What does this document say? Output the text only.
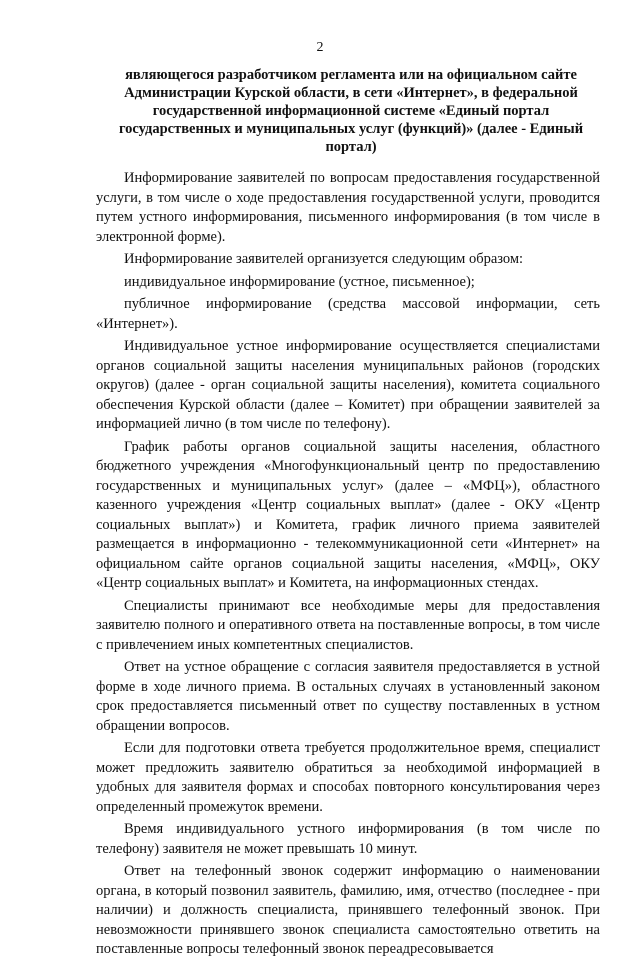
2
являющегося разработчиком регламента или на официальном сайте
Администрации Курской области, в сети «Интернет», в федеральной
государственной информационной системе «Единый портал
государственных и муниципальных услуг (функций)» (далее - Единый
портал)

Информирование заявителей по вопросам предоставления государственной услуги, в том числе о ходе предоставления государственной услуги, проводится путем устного информирования, письменного информирования (в том числе в электронной форме).

Информирование заявителей организуется следующим образом:

индивидуальное информирование (устное, письменное);

публичное информирование (средства массовой информации, сеть «Интернет»).

Индивидуальное устное информирование осуществляется специалистами органов социальной защиты населения муниципальных районов (городских округов) (далее - орган социальной защиты населения), комитета социального обеспечения Курской области (далее – Комитет) при обращении заявителей за информацией лично (в том числе по телефону).

График работы органов социальной защиты населения, областного бюджетного учреждения «Многофункциональный центр по предоставлению государственных и муниципальных услуг» (далее – «МФЦ»), областного казенного учреждения «Центр социальных выплат» (далее - ОКУ «Центр социальных выплат») и Комитета, график личного приема заявителей размещается в информационно - телекоммуникационной сети «Интернет» на официальном сайте органов социальной защиты населения, «МФЦ», ОКУ «Центр социальных выплат» и Комитета, на информационных стендах.

Специалисты принимают все необходимые меры для предоставления заявителю полного и оперативного ответа на поставленные вопросы, в том числе с привлечением иных компетентных специалистов.

Ответ на устное обращение с согласия заявителя предоставляется в устной форме в ходе личного приема. В остальных случаях в установленный законом срок предоставляется письменный ответ по существу поставленных в устном обращении вопросов.

Если для подготовки ответа требуется продолжительное время, специалист может предложить заявителю обратиться за необходимой информацией в удобных для заявителя формах и способах повторного консультирования через определенный промежуток времени.

Время индивидуального устного информирования (в том числе по телефону) заявителя не может превышать 10 минут.

Ответ на телефонный звонок содержит информацию о наименовании органа, в который позвонил заявитель, фамилию, имя, отчество (последнее - при наличии) и должность специалиста, принявшего телефонный звонок. При невозможности принявшего звонок специалиста самостоятельно ответить на поставленные вопросы телефонный звонок переадресовывается
